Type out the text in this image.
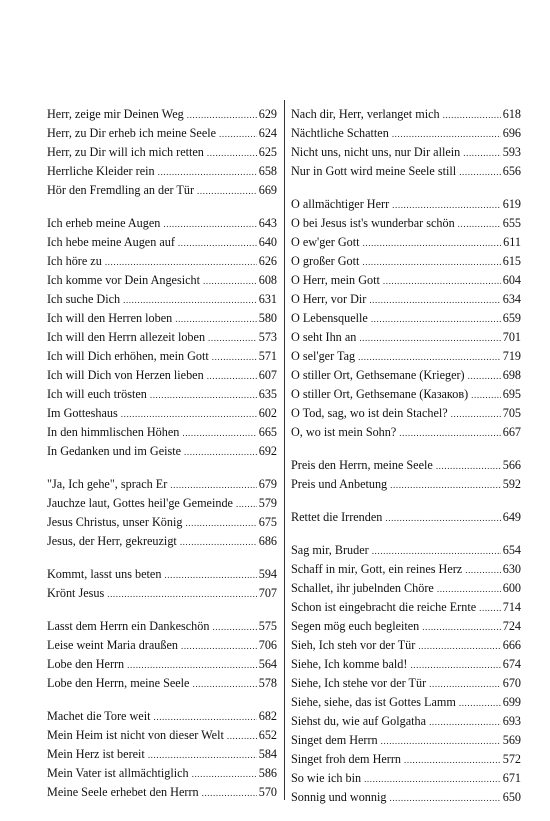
Herr, zeige mir Deinen Weg .....	629
Herr, zu Dir erheb ich meine Seele .....	624
Herr, zu Dir will ich mich retten .....	625
Herrliche Kleider rein .....	658
Hör den Fremdling an der Tür .....	669
Ich erheb meine Augen .....	643
Ich hebe meine Augen auf .....	640
Ich höre zu .....	626
Ich komme vor Dein Angesicht .....	608
Ich suche Dich .....	631
Ich will den Herren loben .....	580
Ich will den Herrn allezeit loben .....	573
Ich will Dich erhöhen, mein Gott .....	571
Ich will Dich von Herzen lieben .....	607
Ich will euch trösten .....	635
Im Gotteshaus .....	602
In den himmlischen Höhen .....	665
In Gedanken und im Geiste .....	692
"Ja, Ich gehe", sprach Er .....	679
Jauchze laut, Gottes heil'ge Gemeinde ..... 579
Jesus Christus, unser König .....	675
Jesus, der Herr, gekreuzigt .....	686
Kommt, lasst uns beten .....	594
Krönt Jesus .....	707
Lasst dem Herrn ein Dankeschön .....	575
Leise weint Maria draußen .....	706
Lobe den Herrn .....	564
Lobe den Herrn, meine Seele .....	578
Machet die Tore weit .....	682
Mein Heim ist nicht von dieser Welt .....	652
Mein Herz ist bereit .....	584
Mein Vater ist allmächtiglich .....	586
Meine Seele erhebet den Herrn .....	570
Nach dir, Herr, verlanget mich .....	618
Nächtliche Schatten .....	696
Nicht uns, nicht uns, nur Dir allein .....	593
Nur in Gott wird meine Seele still .....	656
O allmächtiger Herr .....	619
O bei Jesus ist's wunderbar schön .....	655
O ew'ger Gott .....	611
O großer Gott .....	615
O Herr, mein Gott .....	604
O Herr, vor Dir .....	634
O Lebensquelle .....	659
O seht Ihn an .....	701
O sel'ger Tag .....	719
O stiller Ort, Gethsemane (Krieger) .....	698
O stiller Ort, Gethsemane (Казаков) .....	695
O Tod, sag, wo ist dein Stachel? .....	705
O, wo ist mein Sohn? .....	667
Preis den Herrn, meine Seele .....	566
Preis und Anbetung .....	592
Rettet die Irrenden .....	649
Sag mir, Bruder .....	654
Schaff in mir, Gott, ein reines Herz .....	630
Schallet, ihr jubelnden Chöre .....	600
Schon ist eingebracht die reiche Ernte ..... 714
Segen mög euch begleiten .....	724
Sieh, Ich steh vor der Tür .....	666
Siehe, Ich komme bald! .....	674
Siehe, Ich stehe vor der Tür .....	670
Siehe, siehe, das ist Gottes Lamm .....	699
Siehst du, wie auf Golgatha .....	693
Singet dem Herrn .....	569
Singet froh dem Herrn .....	572
So wie ich bin .....	671
Sonnig und wonnig .....	650
